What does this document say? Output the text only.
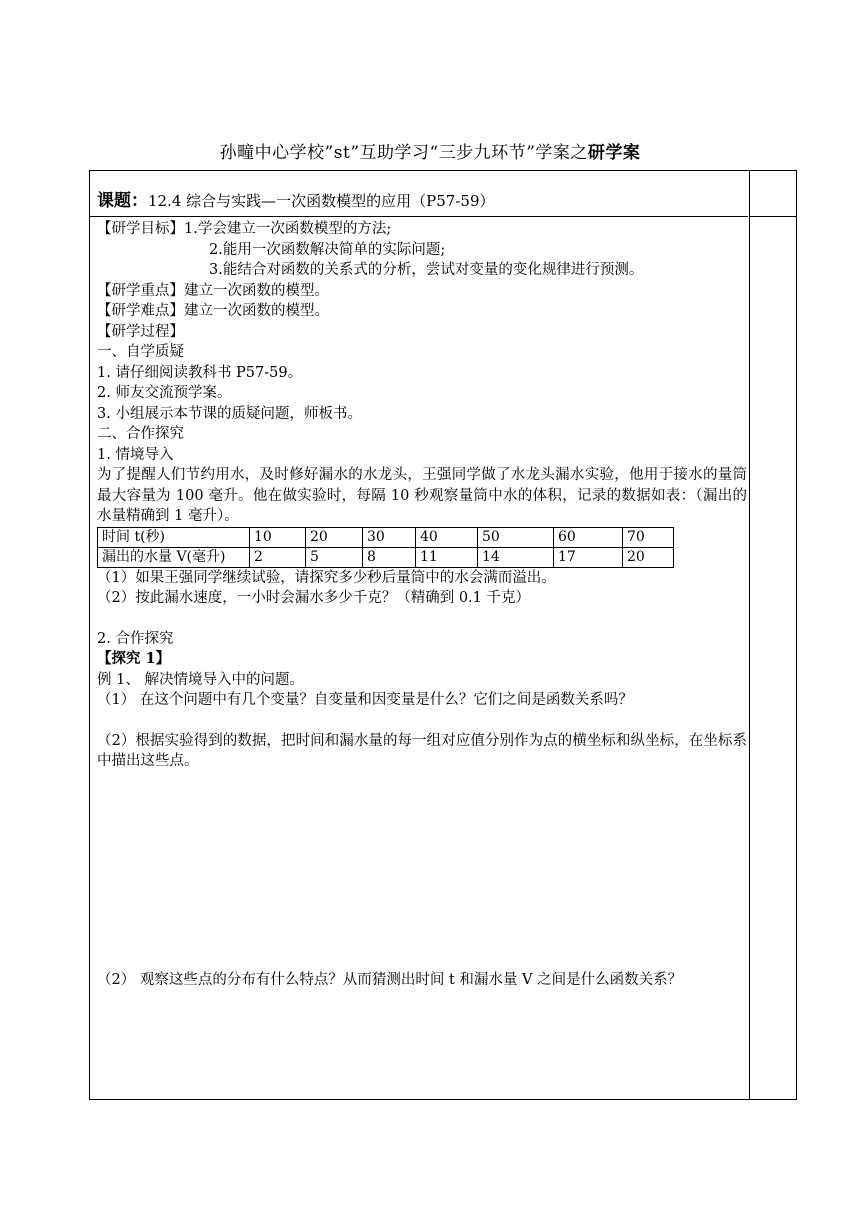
孙疃中心学校”st”互助学习“三步九环节”学案之研学案
课题：12.4 综合与实践—一次函数模型的应用（P57-59）

【研学目标】1.学会建立一次函数模型的方法;

2.能用一次函数解决简单的实际问题;

3.能结合对函数的关系式的分析，尝试对变量的变化规律进行预测。

【研学重点】建立一次函数的模型。

【研学难点】建立一次函数的模型。

【研学过程】

一、自学质疑

1. 请仔细阅读教科书 P57-59。

2. 师友交流预学案。

3. 小组展示本节课的质疑问题，师板书。

二、合作探究

1. 情境导入

为了提醒人们节约用水，及时修好漏水的水龙头，王强同学做了水龙头漏水实验，他用于接水的量筒最大容量为 100 毫升。他在做实验时，每隔 10 秒观察量筒中水的体积，记录的数据如表：（漏出的水量精确到 1 毫升）。

时间 t(秒)	10	20	30	40	50	60	70
漏出的水量 V(毫升)	2	5	8	11	14	17	20

（1）如果王强同学继续试验，请探究多少秒后量筒中的水会满而溢出。

（2）按此漏水速度，一小时会漏水多少千克？（精确到 0.1 千克）

2. 合作探究

【探究 1】

例 1、 解决情境导入中的问题。

（1） 在这个问题中有几个变量？自变量和因变量是什么？它们之间是函数关系吗？

（2）根据实验得到的数据，把时间和漏水量的每一组对应值分别作为点的横坐标和纵坐标，在坐标系中描出这些点。

（2） 观察这些点的分布有什么特点？从而猜测出时间 t 和漏水量 V 之间是什么函数关系？
